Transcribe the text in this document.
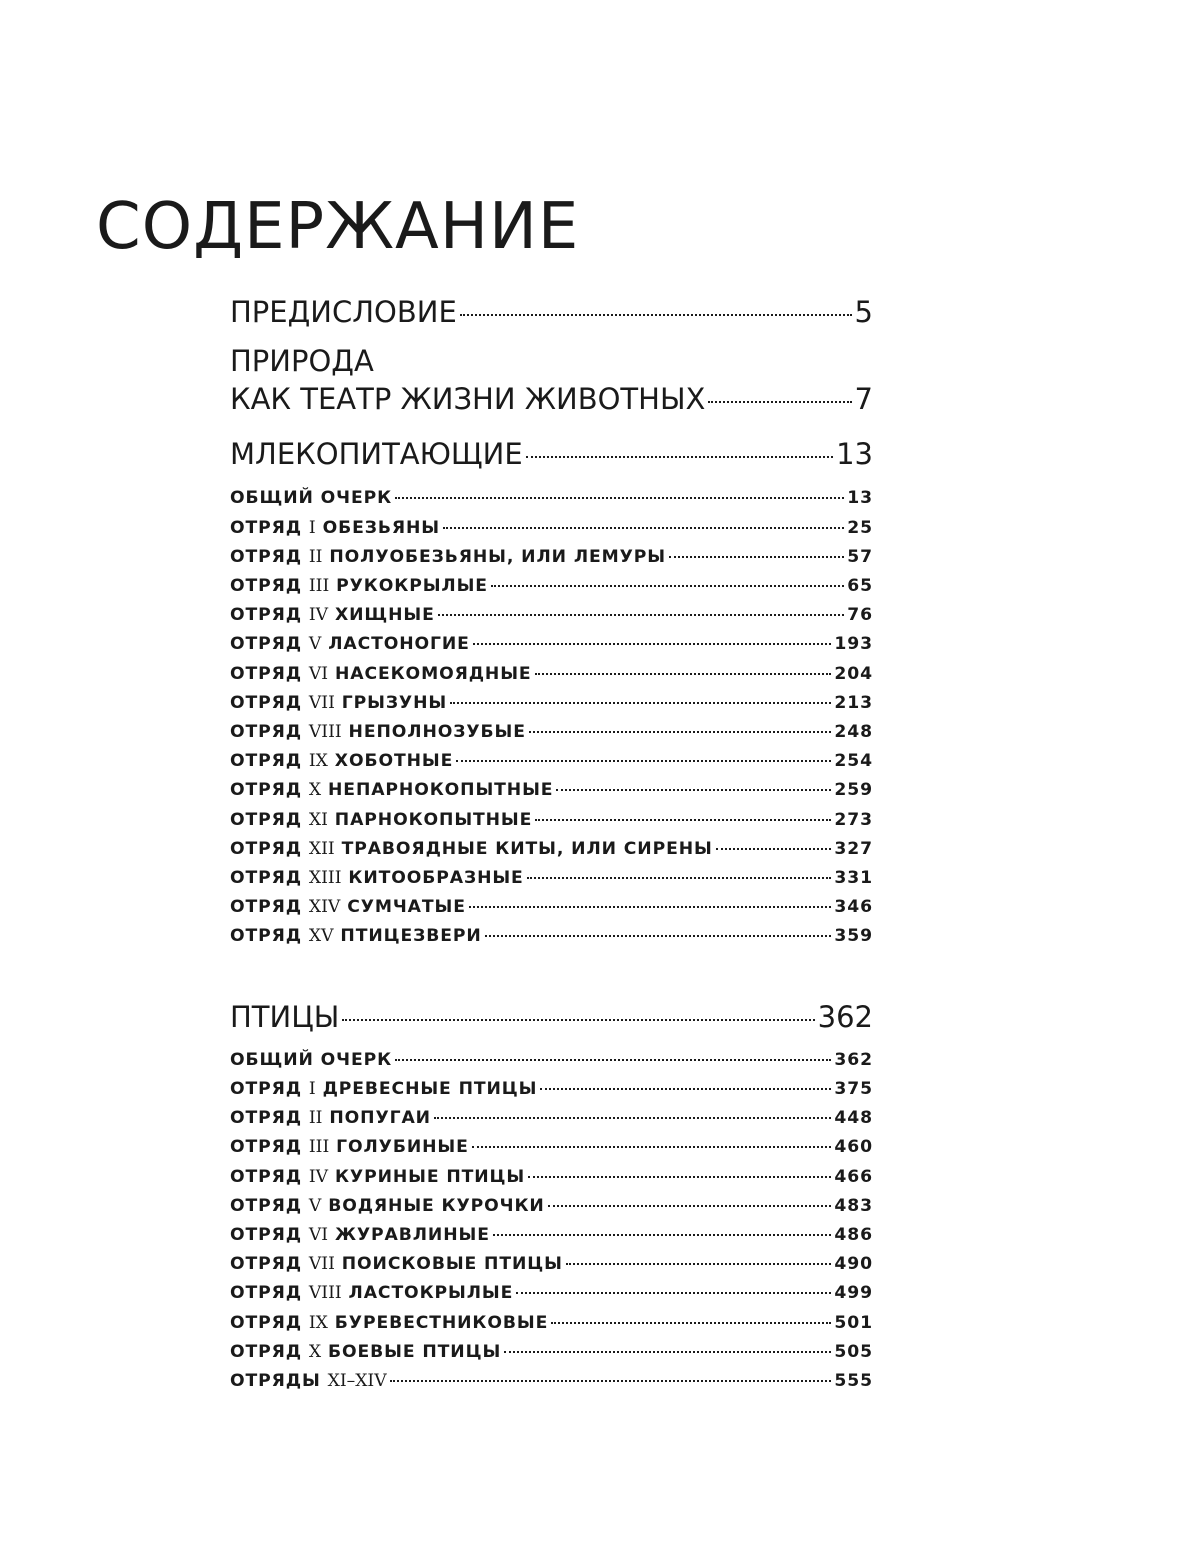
СОДЕРЖАНИЕ
ПРЕДИСЛОВИЕ	5
ПРИРОДА
КАК ТЕАТР ЖИЗНИ ЖИВОТНЫХ	7
МЛЕКОПИТАЮЩИЕ	13
ОБЩИЙ ОЧЕРК	13
ОТРЯД I ОБЕЗЬЯНЫ	25
ОТРЯД II ПОЛУОБЕЗЬЯНЫ, ИЛИ ЛЕМУРЫ	57
ОТРЯД III РУКОКРЫЛЫЕ	65
ОТРЯД IV ХИЩНЫЕ	76
ОТРЯД V ЛАСТОНОГИЕ	193
ОТРЯД VI НАСЕКОМОЯДНЫЕ	204
ОТРЯД VII ГРЫЗУНЫ	213
ОТРЯД VIII НЕПОЛНОЗУБЫЕ	248
ОТРЯД IX ХОБОТНЫЕ	254
ОТРЯД X НЕПАРНОКОПЫТНЫЕ	259
ОТРЯД XI ПАРНОКОПЫТНЫЕ	273
ОТРЯД XII ТРАВОЯДНЫЕ КИТЫ, ИЛИ СИРЕНЫ	327
ОТРЯД XIII КИТООБРАЗНЫЕ	331
ОТРЯД XIV СУМЧАТЫЕ	346
ОТРЯД XV ПТИЦЕЗВЕРИ	359
ПТИЦЫ	362
ОБЩИЙ ОЧЕРК	362
ОТРЯД I ДРЕВЕСНЫЕ ПТИЦЫ	375
ОТРЯД II ПОПУГАИ	448
ОТРЯД III ГОЛУБИНЫЕ	460
ОТРЯД IV КУРИНЫЕ ПТИЦЫ	466
ОТРЯД V ВОДЯНЫЕ КУРОЧКИ	483
ОТРЯД VI ЖУРАВЛИНЫЕ	486
ОТРЯД VII ПОИСКОВЫЕ ПТИЦЫ	490
ОТРЯД VIII ЛАСТОКРЫЛЫЕ	499
ОТРЯД IX БУРЕВЕСТНИКОВЫЕ	501
ОТРЯД X БОЕВЫЕ ПТИЦЫ	505
ОТРЯДЫ XI–XIV	555
